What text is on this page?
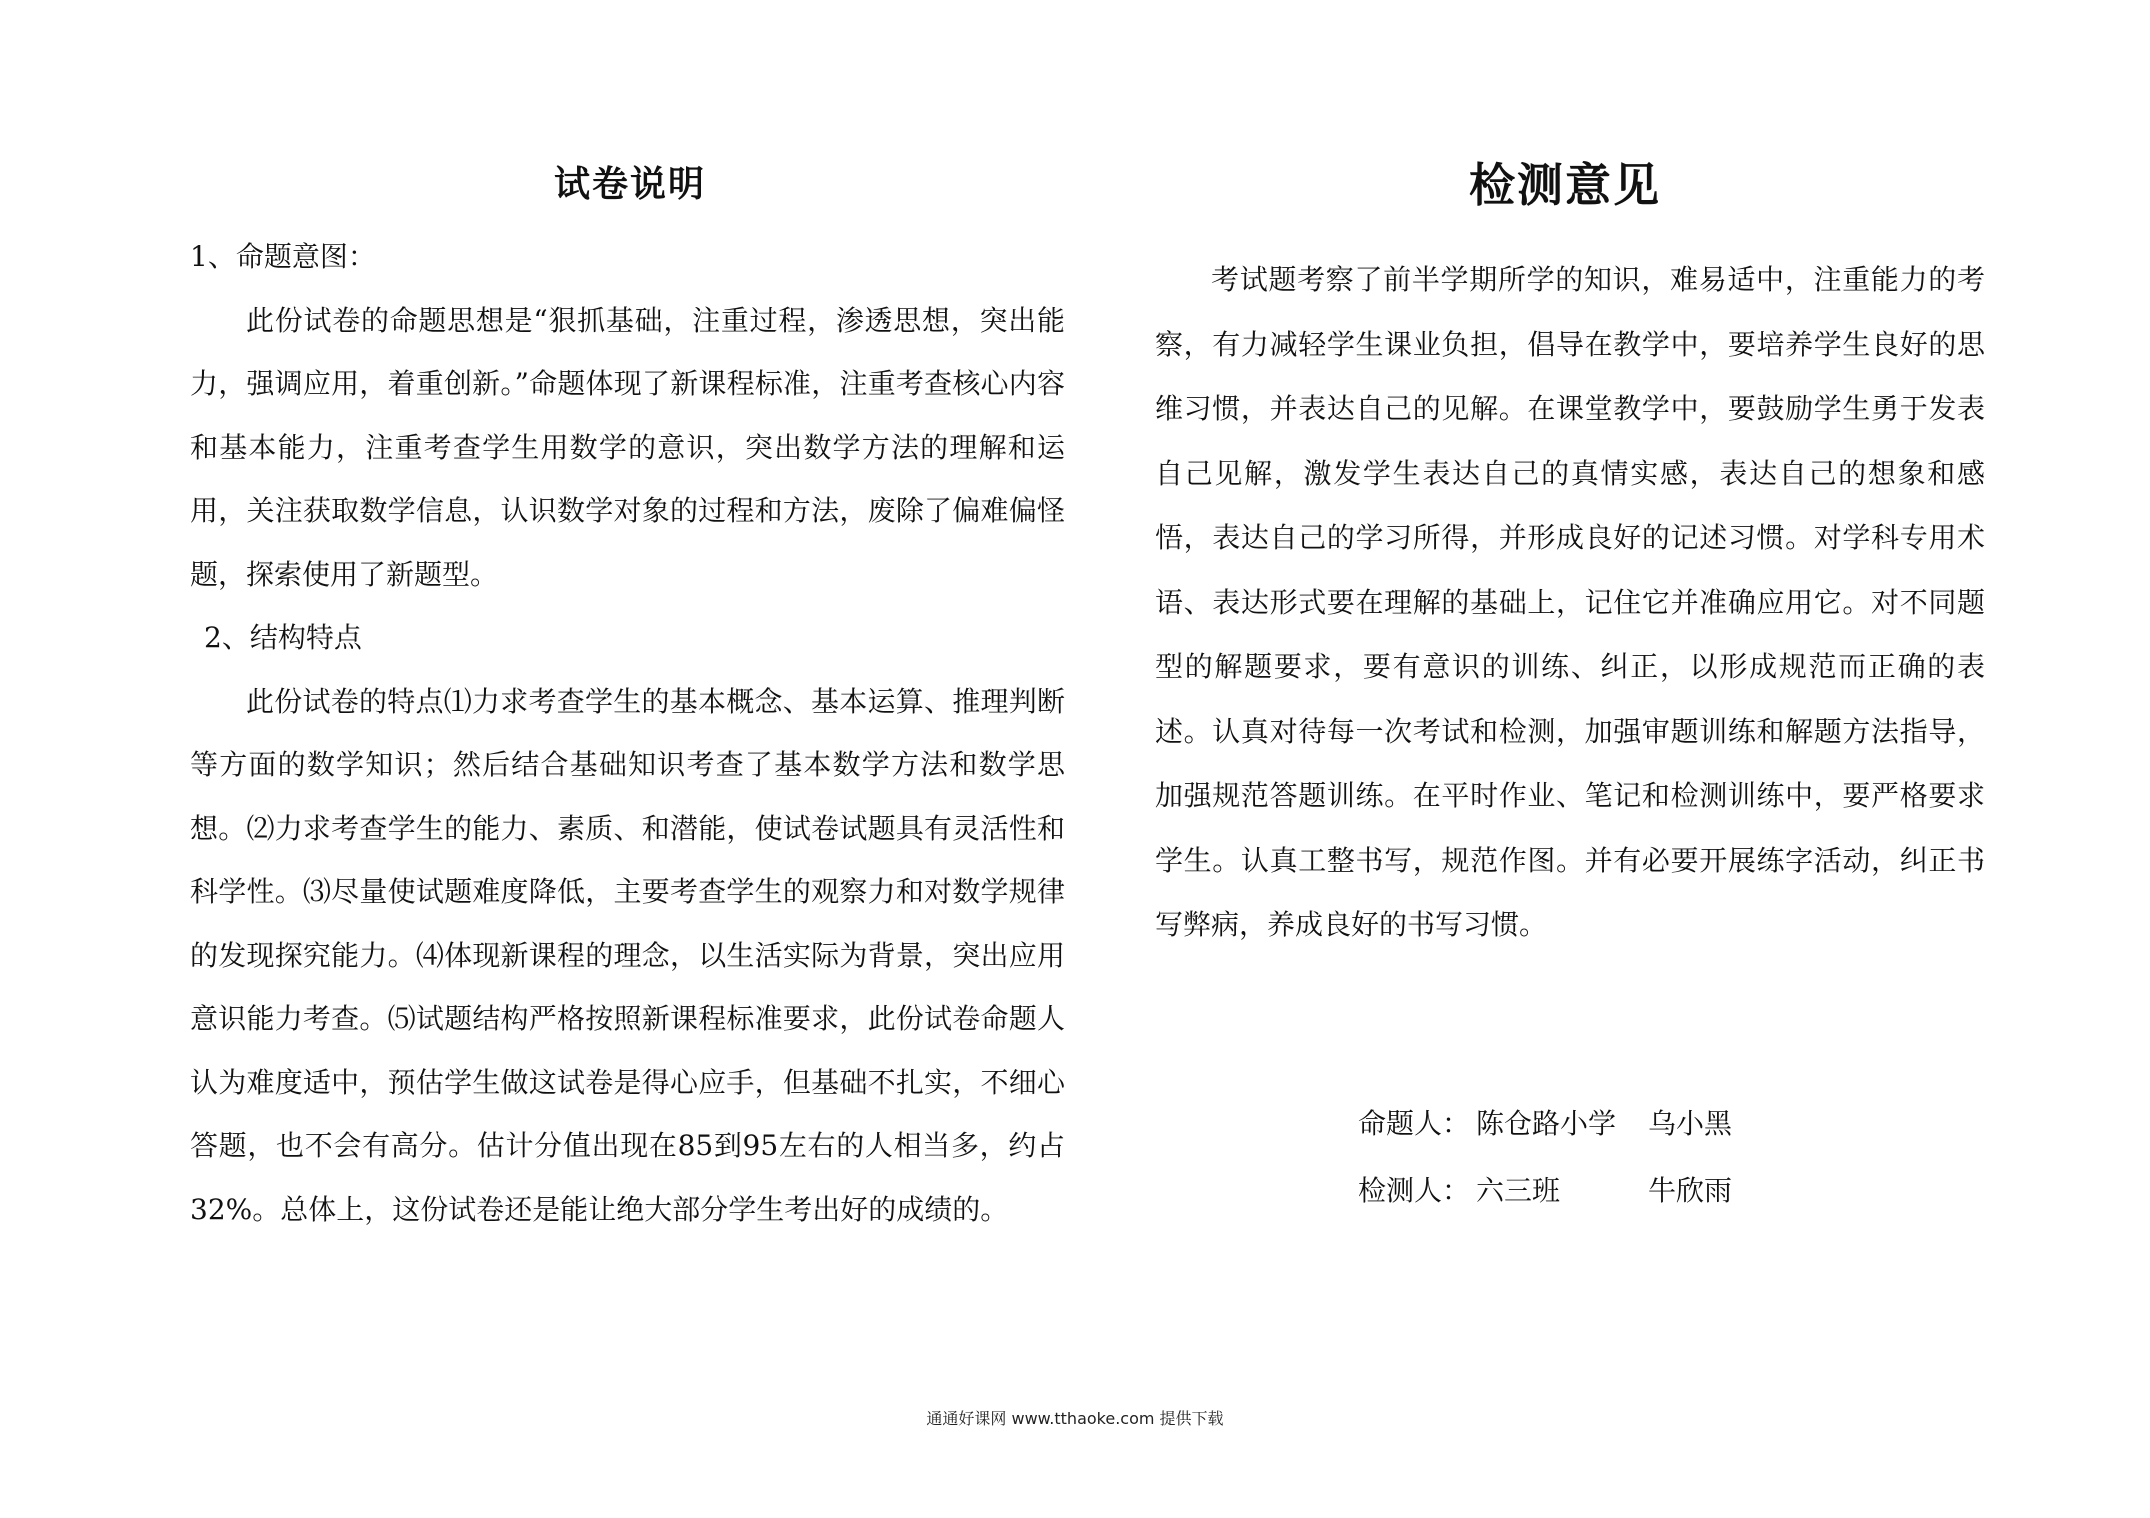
试卷说明

1、命题意图：

此份试卷的命题思想是“狠抓基础，注重过程，渗透思想，突出能力，强调应用，着重创新。”命题体现了新课程标准，注重考查核心内容和基本能力，注重考查学生用数学的意识，突出数学方法的理解和运用，关注获取数学信息，认识数学对象的过程和方法，废除了偏难偏怪题，探索使用了新题型。

2、结构特点

此份试卷的特点⑴力求考查学生的基本概念、基本运算、推理判断等方面的数学知识；然后结合基础知识考查了基本数学方法和数学思想。⑵力求考查学生的能力、素质、和潜能，使试卷试题具有灵活性和科学性。⑶尽量使试题难度降低，主要考查学生的观察力和对数学规律的发现探究能力。⑷体现新课程的理念，以生活实际为背景，突出应用意识能力考查。⑸试题结构严格按照新课程标准要求，此份试卷命题人认为难度适中，预估学生做这试卷是得心应手，但基础不扎实，不细心答题，也不会有高分。估计分值出现在85到95左右的人相当多，约占32%。总体上，这份试卷还是能让绝大部分学生考出好的成绩的。

检测意见

考试题考察了前半学期所学的知识，难易适中，注重能力的考察，有力减轻学生课业负担，倡导在教学中，要培养学生良好的思维习惯，并表达自己的见解。在课堂教学中，要鼓励学生勇于发表自己见解，激发学生表达自己的真情实感，表达自己的想象和感悟，表达自己的学习所得，并形成良好的记述习惯。对学科专用术语、表达形式要在理解的基础上，记住它并准确应用它。对不同题型的解题要求，要有意识的训练、纠正，以形成规范而正确的表述。认真对待每一次考试和检测，加强审题训练和解题方法指导，加强规范答题训练。在平时作业、笔记和检测训练中，要严格要求学生。认真工整书写，规范作图。并有必要开展练字活动，纠正书写弊病，养成良好的书写习惯。

命题人： 陈仓路小学 乌小黑
检测人： 六三班	牛欣雨
通通好课网 www.tthaoke.com 提供下载
